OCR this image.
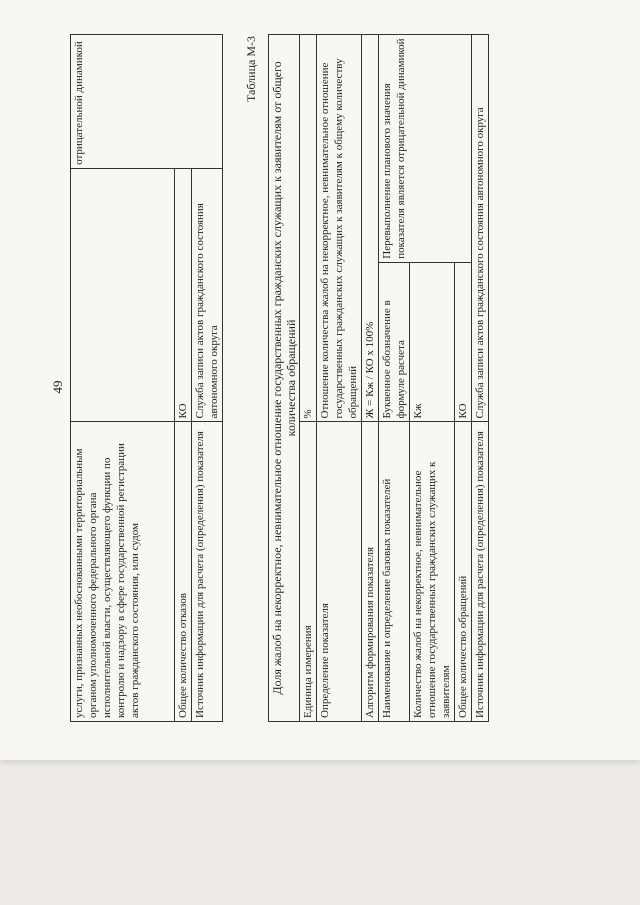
49
услуги, признанных необоснованными территориальным органом уполномоченного федерального органа исполнительной власти, осуществляющего функции по контролю и надзору в сфере государственной регистрации актов гражданского состояния, или судом		отрицательной динамикой
Общее количество отказов	КО	
Источник информации для расчета (определения) показателя	Служба записи актов гражданского состояния автономного округа	
Таблица М-3 Доля жалоб на некорректное, невнимательное отношение государственных гражданских служащих к заявителям от общего количества обращений		
Единица измерения	%	
Определение показателя	Отношение количества жалоб на некорректное, невнимательное отношение государственных гражданских служащих к заявителям к общему количеству обращений	
Алгоритм формирования показателя	Ж = Кж / КО x 100%	
Наименование и определение базовых показателей	Буквенное обозначение в формуле расчета	Перевыполнение планового значения показателя является отрицательной динамикой
Количество жалоб на некорректное, невнимательное отношение государственных гражданских служащих к заявителям	Кж	
Общее количество обращений	КО	
Источник информации для расчета (определения) показателя	Служба записи актов гражданского состояния автономного округа	
